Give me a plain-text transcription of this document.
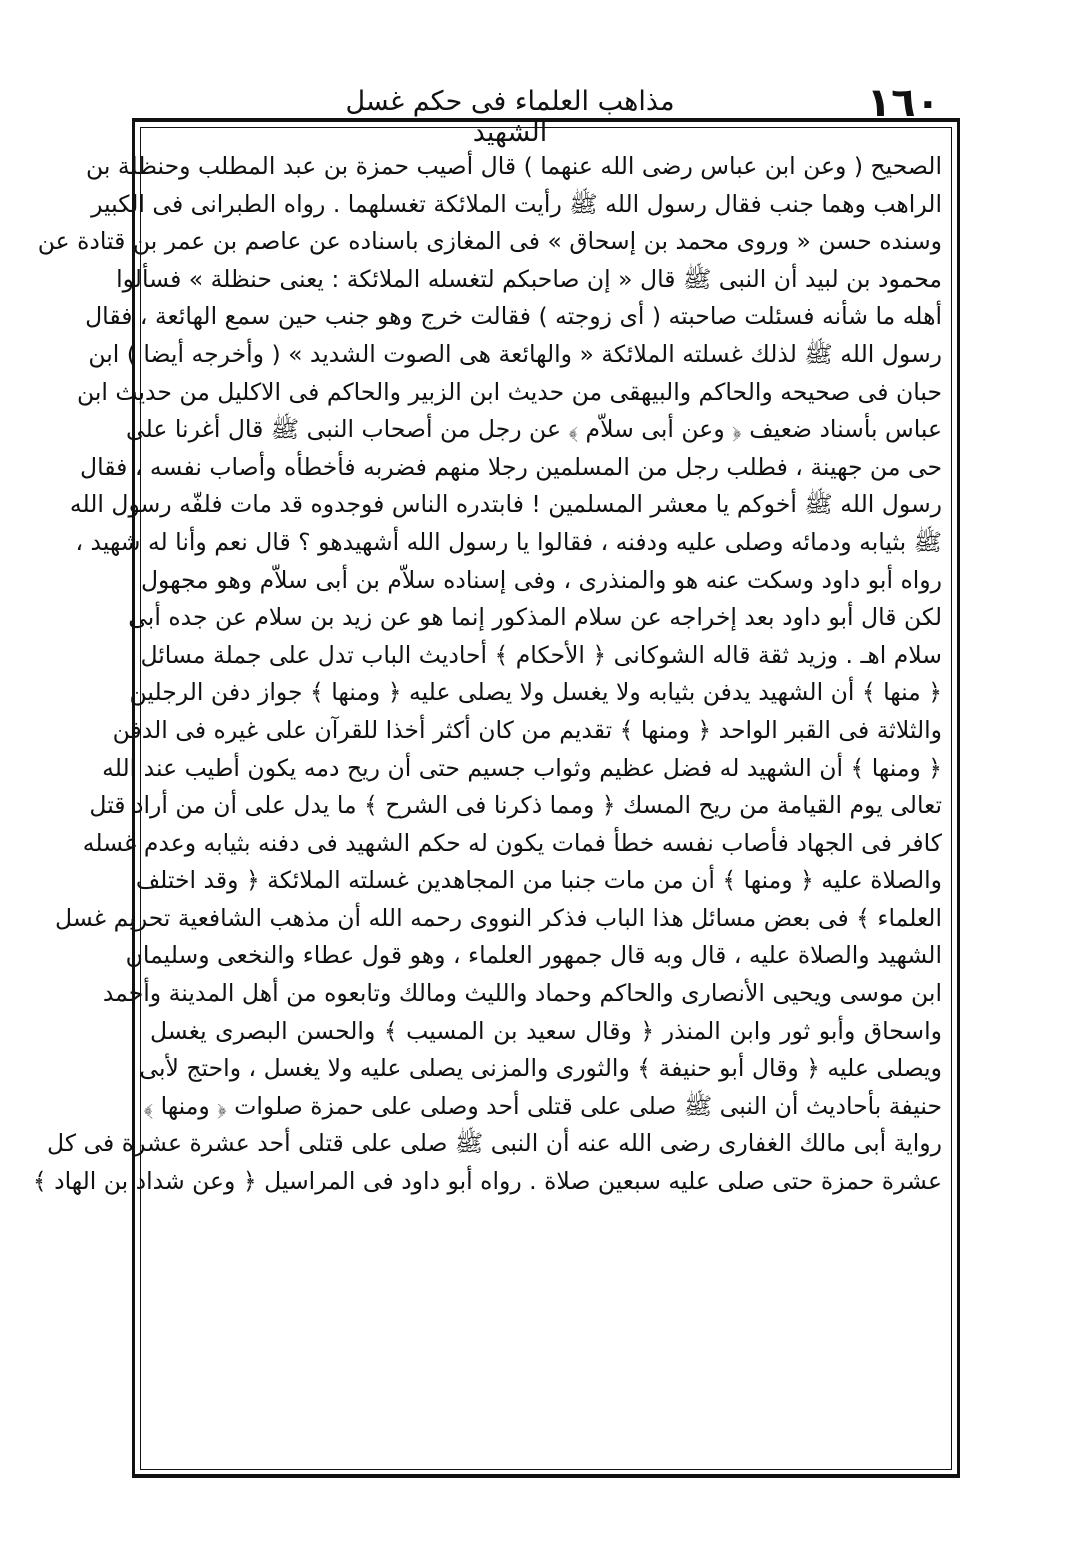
١٦٠
مذاهب العلماء فى حكم غسل الشهيد
الصحيح ( وعن ابن عباس رضى الله عنهما ) قال أصيب حمزة بن عبد المطلب وحنظلة بن
الراهب وهما جنب فقال رسول الله ﷺ رأيت الملائكة تغسلهما . رواه الطبرانى فى الكبير
وسنده حسن « وروى محمد بن إسحاق » فى المغازى باسناده عن عاصم بن عمر بن قتادة عن
محمود بن لبيد أن النبى ﷺ قال « إن صاحبكم لتغسله الملائكة : يعنى حنظلة » فسألوا
أهله ما شأنه فسئلت صاحبته ( أى زوجته ) فقالت خرج وهو جنب حين سمع الهائعة ، فقال
رسول الله ﷺ لذلك غسلته الملائكة « والهائعة هى الصوت الشديد » ( وأخرجه أيضا ) ابن
حبان فى صحيحه والحاكم والبيهقى من حديث ابن الزبير والحاكم فى الاكليل من حديث ابن
عباس بأسناد ضعيف ﴿ وعن أبى سلاّم ﴾ عن رجل من أصحاب النبى ﷺ قال أغرنا على
حى من جهينة ، فطلب رجل من المسلمين رجلا منهم فضربه فأخطأه وأصاب نفسه ، فقال
رسول الله ﷺ أخوكم يا معشر المسلمين ! فابتدره الناس فوجدوه قد مات فلفّه رسول الله
ﷺ بثيابه ودمائه وصلى عليه ودفنه ، فقالوا يا رسول الله أشهيدهو ؟ قال نعم وأنا له شهيد ،
رواه أبو داود وسكت عنه هو والمنذرى ، وفى إسناده سلاّم بن أبى سلاّم وهو مجهول
لكن قال أبو داود بعد إخراجه عن سلام المذكور إنما هو عن زيد بن سلام عن جده أبى
سلام اهـ . وزيد ثقة قاله الشوكانى ﴿ الأحكام ﴾ أحاديث الباب تدل على جملة مسائل
﴿ منها ﴾ أن الشهيد يدفن بثيابه ولا يغسل ولا يصلى عليه ﴿ ومنها ﴾ جواز دفن الرجلين
والثلاثة فى القبر الواحد ﴿ ومنها ﴾ تقديم من كان أكثر أخذا للقرآن على غيره فى الدفن
﴿ ومنها ﴾ أن الشهيد له فضل عظيم وثواب جسيم حتى أن ريح دمه يكون أطيب عند الله
تعالى يوم القيامة من ريح المسك ﴿ ومما ذكرنا فى الشرح ﴾ ما يدل على أن من أراد قتل
كافر فى الجهاد فأصاب نفسه خطأ فمات يكون له حكم الشهيد فى دفنه بثيابه وعدم غسله
والصلاة عليه ﴿ ومنها ﴾ أن من مات جنبا من المجاهدين غسلته الملائكة ﴿ وقد اختلف
العلماء ﴾ فى بعض مسائل هذا الباب فذكر النووى رحمه الله أن مذهب الشافعية تحريم غسل
الشهيد والصلاة عليه ، قال وبه قال جمهور العلماء ، وهو قول عطاء والنخعى وسليمان
ابن موسى ويحيى الأنصارى والحاكم وحماد والليث ومالك وتابعوه من أهل المدينة وأحمد
واسحاق وأبو ثور وابن المنذر ﴿ وقال سعيد بن المسيب ﴾ والحسن البصرى يغسل
ويصلى عليه ﴿ وقال أبو حنيفة ﴾ والثورى والمزنى يصلى عليه ولا يغسل ، واحتج لأبى
حنيفة بأحاديث أن النبى ﷺ صلى على قتلى أحد وصلى على حمزة صلوات ﴿ ومنها ﴾
رواية أبى مالك الغفارى رضى الله عنه أن النبى ﷺ صلى على قتلى أحد عشرة عشرة فى كل
عشرة حمزة حتى صلى عليه سبعين صلاة . رواه أبو داود فى المراسيل ﴿ وعن شداد بن الهاد ﴾
